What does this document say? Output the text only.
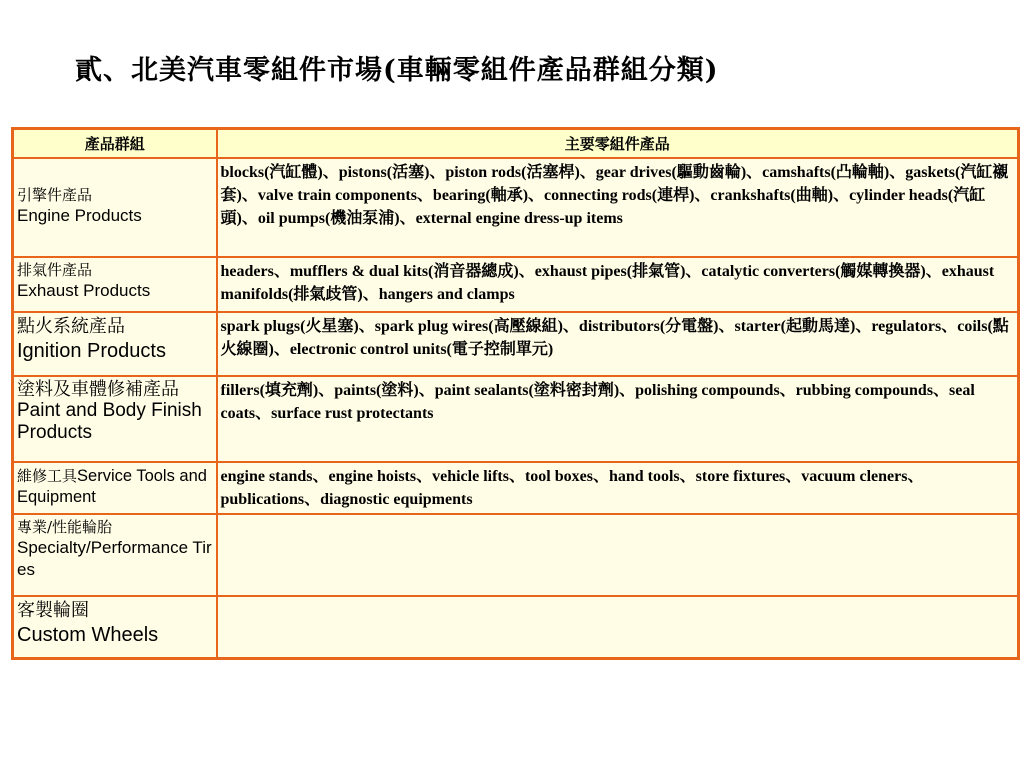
貳、北美汽車零組件市場(車輛零組件產品群組分類)
產品群組	主要零組件產品

引擎件產品
Engine Products	blocks(汽缸體)、pistons(活塞)、piston rods(活塞桿)、gear drives(驅動齒輪)、camshafts(凸輪軸)、gaskets(汽缸襯套)、valve train components、bearing(軸承)、connecting rods(連桿)、crankshafts(曲軸)、cylinder heads(汽缸頭)、oil pumps(機油泵浦)、external engine dress-up items

排氣件產品
Exhaust Products	headers、mufflers & dual kits(消音器總成)、exhaust pipes(排氣管)、catalytic converters(觸媒轉換器)、exhaust manifolds(排氣歧管)、hangers and clamps

點火系統產品
Ignition Products	spark plugs(火星塞)、spark plug wires(高壓線組)、distributors(分電盤)、starter(起動馬達)、regulators、coils(點火線圈)、electronic control units(電子控制單元)
塗料及車體修補產品Paint and Body Finish Products	fillers(填充劑)、paints(塗料)、paint sealants(塗料密封劑)、polishing compounds、rubbing compounds、seal coats、surface rust protectants
維修工具Service Tools and Equipment	engine stands、engine hoists、vehicle lifts、tool boxes、hand tools、store fixtures、vacuum cleners、publications、diagnostic equipments

專業/性能輪胎
Specialty/Performance Tires	

客製輪圈
Custom Wheels	
